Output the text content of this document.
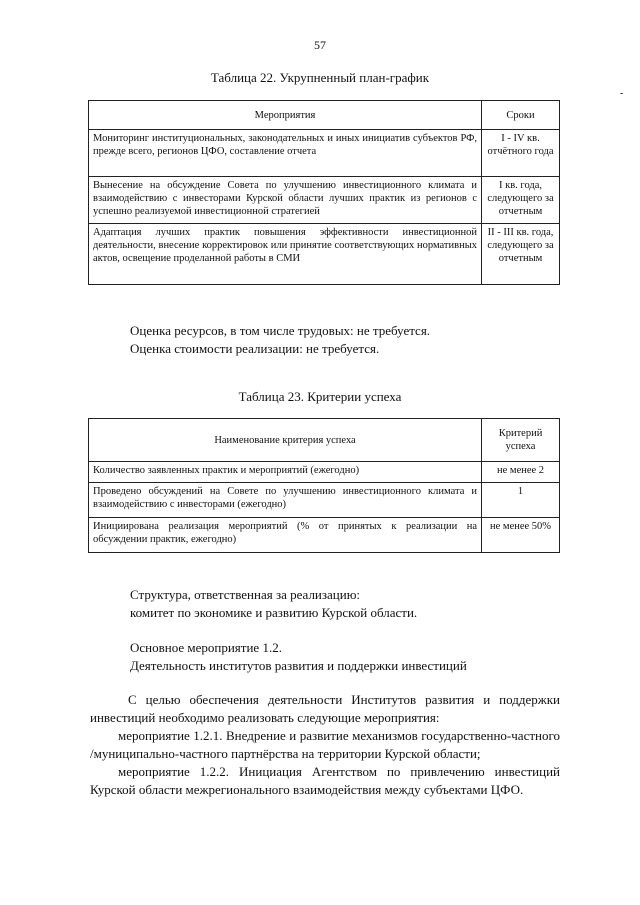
57
-
Таблица 22. Укрупненный план-график
Мероприятия	Сроки
Мониторинг институциональных, законодательных и иных инициатив субъектов РФ, прежде всего, регионов ЦФО, составление отчета	I - IV кв. отчётного года
Вынесение на обсуждение Совета по улучшению инвестиционного климата и взаимодействию с инвесторами Курской области лучших практик из регионов с успешно реализуемой инвестиционной стратегией	I кв. года, следующего за отчетным
Адаптация лучших практик повышения эффективности инвестиционной деятельности, внесение корректировок или принятие соответствующих нормативных актов, освещение проделанной работы в СМИ	II - III кв. года, следующего за отчетным
Оценка ресурсов, в том числе трудовых: не требуется.
Оценка стоимости реализации: не требуется.
Таблица 23. Критерии успеха
Наименование критерия успеха	Критерий успеха
Количество заявленных практик и мероприятий (ежегодно)	не менее 2
Проведено обсуждений на Совете по улучшению инвестиционного климата и взаимодействию с инвесторами (ежегодно)	1
Инициирована реализация мероприятий (% от принятых к реализации на обсуждении практик, ежегодно)	не менее 50%
Структура, ответственная за реализацию:
комитет по экономике и развитию Курской области.
Основное мероприятие 1.2.
Деятельность институтов развития и поддержки инвестиций

С целью обеспечения деятельности Институтов развития и поддержки инвестиций необходимо реализовать следующие мероприятия:

мероприятие 1.2.1. Внедрение и развитие механизмов государственно-частного /муниципально-частного партнёрства на территории Курской области;

мероприятие 1.2.2. Инициация Агентством по привлечению инвестиций Курской области межрегионального взаимодействия между субъектами ЦФО.
